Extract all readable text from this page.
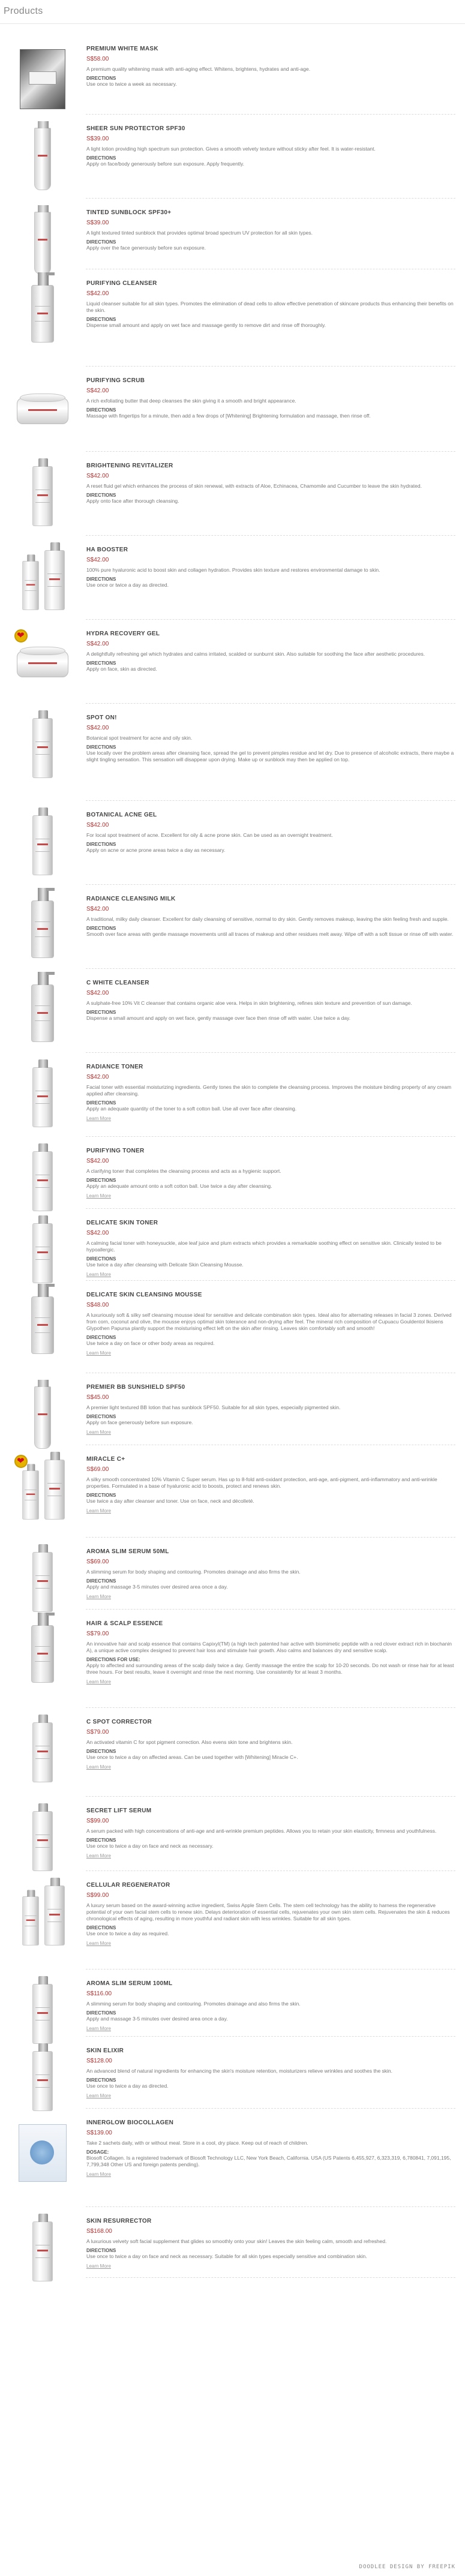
Products
PREMIUM WHITE MASK
S$58.00
A premium quality whitening mask with anti-aging effect. Whitens, brightens, hydrates and anti-age.
DIRECTIONS
Use once to twice a week as necessary.
SHEER SUN PROTECTOR SPF30
S$39.00
A light lotion providing high spectrum sun protection. Gives a smooth velvety texture without sticky after feel. It is water-resistant.
DIRECTIONS
Apply on face/body generously before sun exposure. Apply frequently.
TINTED SUNBLOCK SPF30+
S$39.00
A light textured tinted sunblock that provides optimal broad spectrum UV protection for all skin types.
DIRECTIONS
Apply over the face generously before sun exposure.
PURIFYING CLEANSER
S$42.00
Liquid cleanser suitable for all skin types. Promotes the elimination of dead cells to allow effective penetration of skincare products thus enhancing their benefits on the skin.
DIRECTIONS
Dispense small amount and apply on wet face and massage gently to remove dirt and rinse off thoroughly.
PURIFYING SCRUB
S$42.00
A rich exfoliating butter that deep cleanses the skin giving it a smooth and bright appearance.
DIRECTIONS
Massage with fingertips for a minute, then add a few drops of [Whitening] Brightening formulation and massage, then rinse off.
BRIGHTENING REVITALIZER
S$42.00
A reset fluid gel which enhances the process of skin renewal, with extracts of Aloe, Echinacea, Chamomile and Cucumber to leave the skin hydrated.
DIRECTIONS
Apply onto face after thorough cleansing.
HA BOOSTER
S$42.00
100% pure hyaluronic acid to boost skin and collagen hydration. Provides skin texture and restores environmental damage to skin.
DIRECTIONS
Use once or twice a day as directed.
❤	HYDRA RECOVERY GEL
S$42.00
A delightfully refreshing gel which hydrates and calms irritated, scalded or sunburnt skin. Also suitable for soothing the face after aesthetic procedures.
DIRECTIONS
Apply on face, skin as directed.
SPOT ON!
S$42.00
Botanical spot treatment for acne and oily skin.
DIRECTIONS
Use locally over the problem areas after cleansing face, spread the gel to prevent pimples residue and let dry. Due to presence of alcoholic extracts, there maybe a slight tingling sensation. This sensation will disappear upon drying. Make up or sunblock may then be applied on top.
BOTANICAL ACNE GEL
S$42.00
For local spot treatment of acne. Excellent for oily & acne prone skin. Can be used as an overnight treatment.
DIRECTIONS
Apply on acne or acne prone areas twice a day as necessary.
RADIANCE CLEANSING MILK
S$42.00
A traditional, milky daily cleanser. Excellent for daily cleansing of sensitive, normal to dry skin. Gently removes makeup, leaving the skin feeling fresh and supple.
DIRECTIONS
Smooth over face areas with gentle massage movements until all traces of makeup and other residues melt away. Wipe off with a soft tissue or rinse off with water.
C WHITE CLEANSER
S$42.00
A sulphate-free 10% Vit C cleanser that contains organic aloe vera. Helps in skin brightening, refines skin texture and prevention of sun damage.
DIRECTIONS
Dispense a small amount and apply on wet face, gently massage over face then rinse off with water. Use twice a day.
RADIANCE TONER
S$42.00
Facial toner with essential moisturizing ingredients. Gently tones the skin to complete the cleansing process. Improves the moisture binding property of any cream applied after cleansing.
DIRECTIONS
Apply an adequate quantity of the toner to a soft cotton ball. Use all over face after cleansing.
Learn More
PURIFYING TONER
S$42.00
A clarifying toner that completes the cleansing process and acts as a hygienic support.
DIRECTIONS
Apply an adequate amount onto a soft cotton ball. Use twice a day after cleansing.
Learn More
DELICATE SKIN TONER
S$42.00
A calming facial toner with honeysuckle, aloe leaf juice and plum extracts which provides a remarkable soothing effect on sensitive skin. Clinically tested to be hypoallergic.
DIRECTIONS
Use twice a day after cleansing with Delicate Skin Cleansing Mousse.
Learn More
DELICATE SKIN CLEANSING MOUSSE
S$48.00
A luxuriously soft & silky self cleansing mousse ideal for sensitive and delicate combination skin types. Ideal also for alternating releases in facial 3 zones. Derived from corn, coconut and olive, the mousse enjoys optimal skin tolerance and non-drying after feel. The mineral rich composition of Cupuacu Gouldentol Ikisiens Glypothen Papursa plantly support the moisturising effect left on the skin after rinsing. Leaves skin comfortably soft and smooth!
DIRECTIONS
Use twice a day on face or other body areas as required.
Learn More
PREMIER BB SUNSHIELD SPF50
S$45.00
A premier light textured BB lotion that has sunblock SPF50. Suitable for all skin types, especially pigmented skin.
DIRECTIONS
Apply on face generously before sun exposure.
Learn More
❤	MIRACLE C+
S$69.00
A silky smooth concentrated 10% Vitamin C Super serum. Has up to 8-fold anti-oxidant protection, anti-age, anti-pigment, anti-inflammatory and anti-wrinkle properties. Formulated in a base of hyaluronic acid to boosts, protect and renews skin.
DIRECTIONS
Use twice a day after cleanser and toner. Use on face, neck and décolleté.
Learn More
AROMA SLIM SERUM 50ML
S$69.00
A slimming serum for body shaping and contouring. Promotes drainage and also firms the skin.
DIRECTIONS
Apply and massage 3-5 minutes over desired area once a day.
Learn More
HAIR & SCALP ESSENCE
S$79.00
An innovative hair and scalp essence that contains Capixyl(TM) (a high tech patented hair active with biomimetic peptide with a red clover extract rich in biochanin A), a unique active complex designed to prevent hair loss and stimulate hair growth. Also calms and balances dry and sensitive scalp.
DIRECTIONS FOR USE:
Apply to affected and surrounding areas of the scalp daily twice a day. Gently massage the entire the scalp for 10-20 seconds. Do not wash or rinse hair for at least three hours. For best results, leave it overnight and rinse the next morning. Use consistently for at least 3 months.
Learn More
C SPOT CORRECTOR
S$79.00
An activated vitamin C for spot pigment correction. Also evens skin tone and brightens skin.
DIRECTIONS
Use once to twice a day on affected areas. Can be used together with [Whitening] Miracle C+.
Learn More
SECRET LIFT SERUM
S$99.00
A serum packed with high concentrations of anti-age and anti-wrinkle premium peptides. Allows you to retain your skin elasticity, firmness and youthfulness.
DIRECTIONS
Use once to twice a day on face and neck as necessary.
Learn More
CELLULAR REGENERATOR
S$99.00
A luxury serum based on the award-winning active ingredient, Swiss Apple Stem Cells. The stem cell technology has the ability to harness the regenerative potential of your own facial stem cells to renew skin. Delays deterioration of essential cells, rejuvenates your own skin stem cells. Rejuvenates the skin & reduces chronological effects of aging, resulting in more youthful and radiant skin with less wrinkles. Suitable for all skin types.
DIRECTIONS
Use once to twice a day as required.
Learn More
AROMA SLIM SERUM 100ML
S$116.00
A slimming serum for body shaping and contouring. Promotes drainage and also firms the skin.
DIRECTIONS
Apply and massage 3-5 minutes over desired area once a day.
Learn More
SKIN ELIXIR
S$128.00
An advanced blend of natural ingredients for enhancing the skin's moisture retention, moisturizers relieve wrinkles and soothes the skin.
DIRECTIONS
Use once to twice a day as directed.
Learn More
INNERGLOW BIOCOLLAGEN
S$139.00
Take 2 sachets daily, with or without meal. Store in a cool, dry place. Keep out of reach of children.
DOSAGE:
Biosoft Collagen. Is a registered trademark of Biosoft Technology LLC, New York Beach, California. USA (US Patents 6,455,927, 6,323,319, 6,780841, 7,091,195, 7,799,348 Other US and foreign patents pending).
Learn More
SKIN RESURRECTOR
S$168.00
A luxurious velvety soft facial supplement that glides so smoothly onto your skin! Leaves the skin feeling calm, smooth and refreshed.
DIRECTIONS
Use once to twice a day on face and neck as necessary. Suitable for all skin types especially sensitive and combination skin.
Learn More
DOODLEE DESIGN BY FREEPIK
